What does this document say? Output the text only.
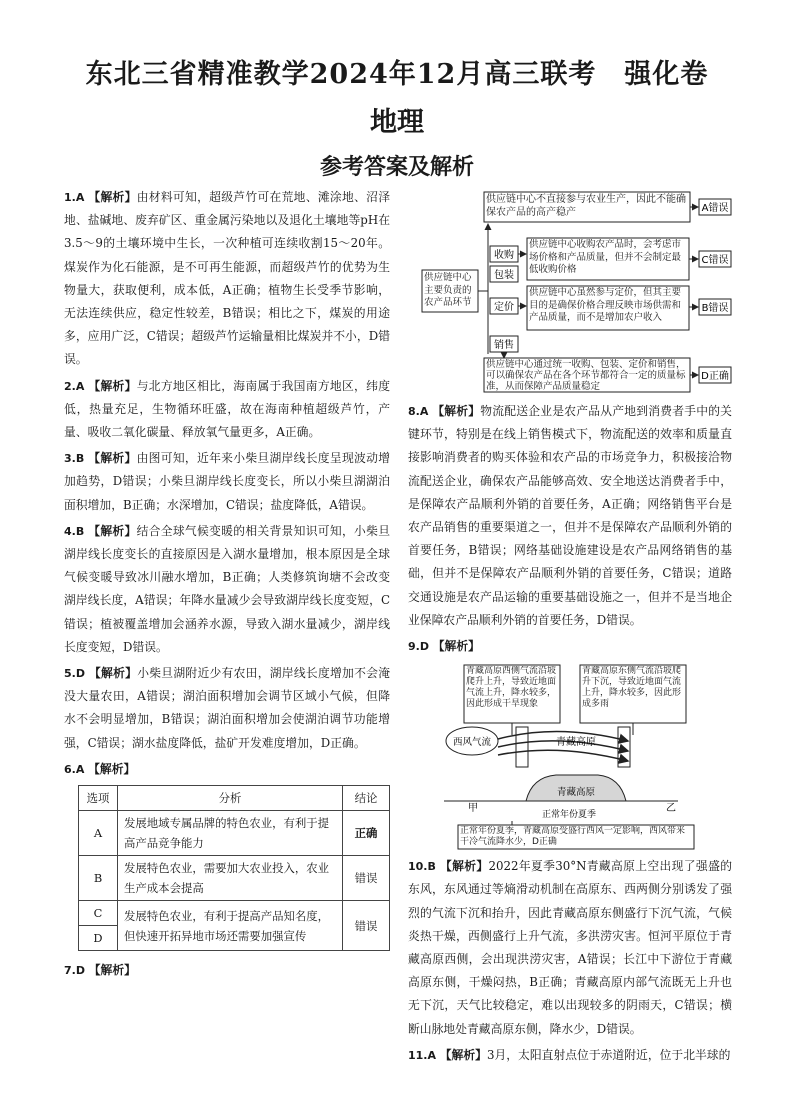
东北三省精准教学2024年12月高三联考　强化卷
地理
参考答案及解析

1.A 【解析】由材料可知，超级芦竹可在荒地、滩涂地、沼泽地、盐碱地、废弃矿区、重金属污染地以及退化土壤地等pH在3.5～9的土壤环境中生长，一次种植可连续收割15～20年。煤炭作为化石能源，是不可再生能源，而超级芦竹的优势为生物量大，获取便利，成本低，A正确；植物生长受季节影响，无法连续供应，稳定性较差，B错误；相比之下，煤炭的用途多，应用广泛，C错误；超级芦竹运输量相比煤炭并不小，D错误。

2.A 【解析】与北方地区相比，海南属于我国南方地区，纬度低，热量充足，生物循环旺盛，故在海南种植超级芦竹，产量、吸收二氧化碳量、释放氧气量更多，A正确。

3.B 【解析】由图可知，近年来小柴旦湖岸线长度呈现波动增加趋势，D错误；小柴旦湖岸线长度变长，所以小柴旦湖湖泊面积增加，B正确；水深增加，C错误；盐度降低，A错误。

4.B 【解析】结合全球气候变暖的相关背景知识可知，小柴旦湖岸线长度变长的直接原因是入湖水量增加，根本原因是全球气候变暖导致冰川融水增加，B正确；人类修筑询塘不会改变湖岸线长度，A错误；年降水量减少会导致湖岸线长度变短，C错误；植被覆盖增加会涵养水源，导致入湖水量减少，湖岸线长度变短，D错误。

5.D 【解析】小柴旦湖附近少有农田，湖岸线长度增加不会淹没大量农田，A错误；湖泊面积增加会调节区域小气候，但降水不会明显增加，B错误；湖泊面积增加会使湖泊调节功能增强，C错误；湖水盐度降低，盐矿开发难度增加，D正确。

6.A 【解析】

选项	分析	结论
A	发展地域专属品牌的特色农业，有利于提高产品竞争能力	正确
B	发展特色农业，需要加大农业投入，农业生产成本会提高	错误
C	发展特色农业，有利于提高产品知名度，但快速开拓异地市场还需要加强宣传	错误
D		

7.D 【解析】

供应链中心不直接参与农业生产，因此不能确保农产品的高产稳产	A错误
供应链中心主要负责的农产品环节
收购
包装
定价
销售
供应链中心收购农产品时，会考虑市场价格和产品质量，但并不会制定最低收购价格
C错误
供应链中心虽然参与定价，但其主要目的是确保价格合理反映市场供需和产品质量，而不是增加农户收入
B错误
供应链中心通过统一收购、包装、定价和销售，可以确保农产品在各个环节都符合一定的质量标准，从而保障产品质量稳定
D正确

8.A 【解析】物流配送企业是农产品从产地到消费者手中的关键环节，特别是在线上销售模式下，物流配送的效率和质量直接影响消费者的购买体验和农产品的市场竞争力，积极接洽物流配送企业，确保农产品能够高效、安全地送达消费者手中，是保障农产品顺利外销的首要任务，A正确；网络销售平台是农产品销售的重要渠道之一，但并不是保障农产品顺利外销的首要任务，B错误；网络基础设施建设是农产品网络销售的基础，但并不是保障农产品顺利外销的首要任务，C错误；道路交通设施是农产品运输的重要基础设施之一，但并不是当地企业保障农产品顺利外销的首要任务，D错误。

9.D 【解析】

青藏高原西侧气流沿坡爬升上升，导致近地面气流上升，降水较多，因此形成干旱现象
青藏高原东侧气流沿坡爬升下沉，导致近地面气流上升，降水较多，因此形成多雨
西风气流	青藏高原
青藏高原
甲	乙
正常年份夏季
正常年份夏季，青藏高原受盛行西风一定影响，西风带来干冷气流降水少，D正确

10.B 【解析】2022年夏季30°N青藏高原上空出现了强盛的东风，东风通过等熵滑动机制在高原东、西两侧分别诱发了强烈的气流下沉和抬升，因此青藏高原东侧盛行下沉气流，气候炎热干燥，西侧盛行上升气流，多洪涝灾害。恒河平原位于青藏高原西侧，会出现洪涝灾害，A错误；长江中下游位于青藏高原东侧，干燥闷热，B正确；青藏高原内部气流既无上升也无下沉，天气比较稳定，难以出现较多的阴雨天，C错误；横断山脉地处青藏高原东侧，降水少，D错误。

11.A 【解析】3月，太阳直射点位于赤道附近，位于北半球的
